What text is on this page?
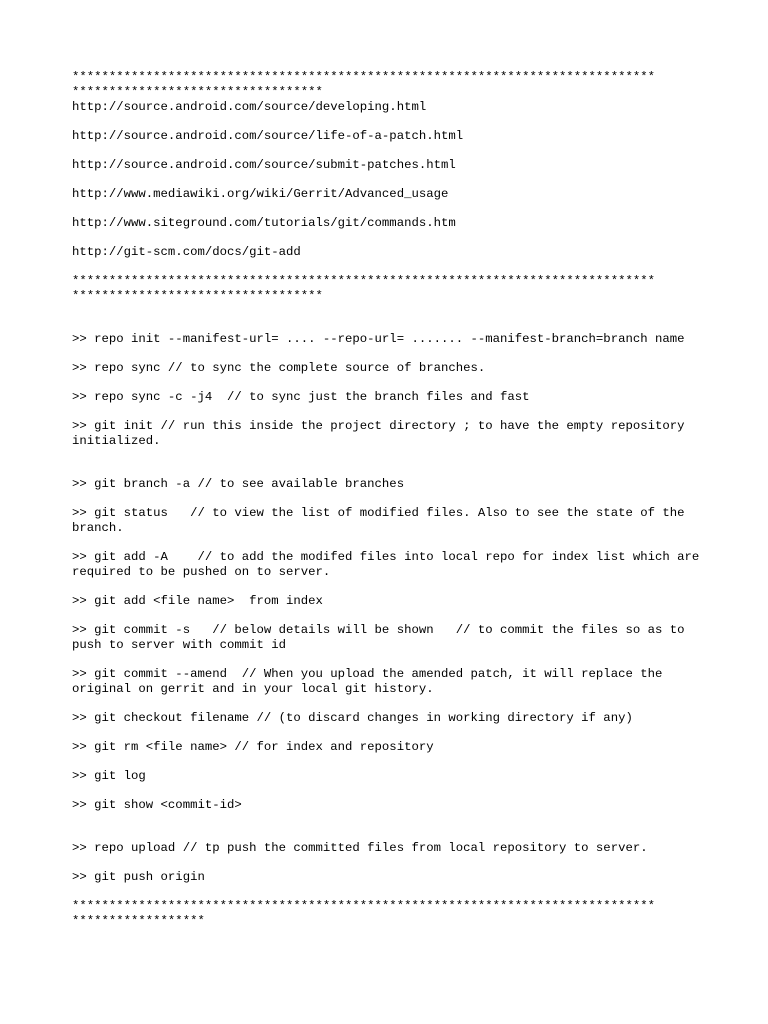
*******************************************************************************

**********************************

http://source.android.com/source/developing.html

http://source.android.com/source/life-of-a-patch.html

http://source.android.com/source/submit-patches.html

http://www.mediawiki.org/wiki/Gerrit/Advanced_usage

http://www.siteground.com/tutorials/git/commands.htm

http://git-scm.com/docs/git-add

*******************************************************************************

**********************************

>> repo init --manifest-url= .... --repo-url= ....... --manifest-branch=branch name

>> repo sync // to sync the complete source of branches.

>> repo sync -c -j4  // to sync just the branch files and fast

>> git init // run this inside the project directory ; to have the empty repository initialized.

>> git branch -a // to see available branches

>> git status   // to view the list of modified files. Also to see the state of the branch.

>> git add -A    // to add the modifed files into local repo for index list which are required to be pushed on to server.

>> git add <file name>  from index

>> git commit -s   // below details will be shown   // to commit the files so as to push to server with commit id

>> git commit --amend  // When you upload the amended patch, it will replace the original on gerrit and in your local git history.

>> git checkout filename // (to discard changes in working directory if any)

>> git rm <file name> // for index and repository

>> git log

>> git show <commit-id>

>> repo upload // tp push the committed files from local repository to server.

>> git push origin

*******************************************************************************

******************
